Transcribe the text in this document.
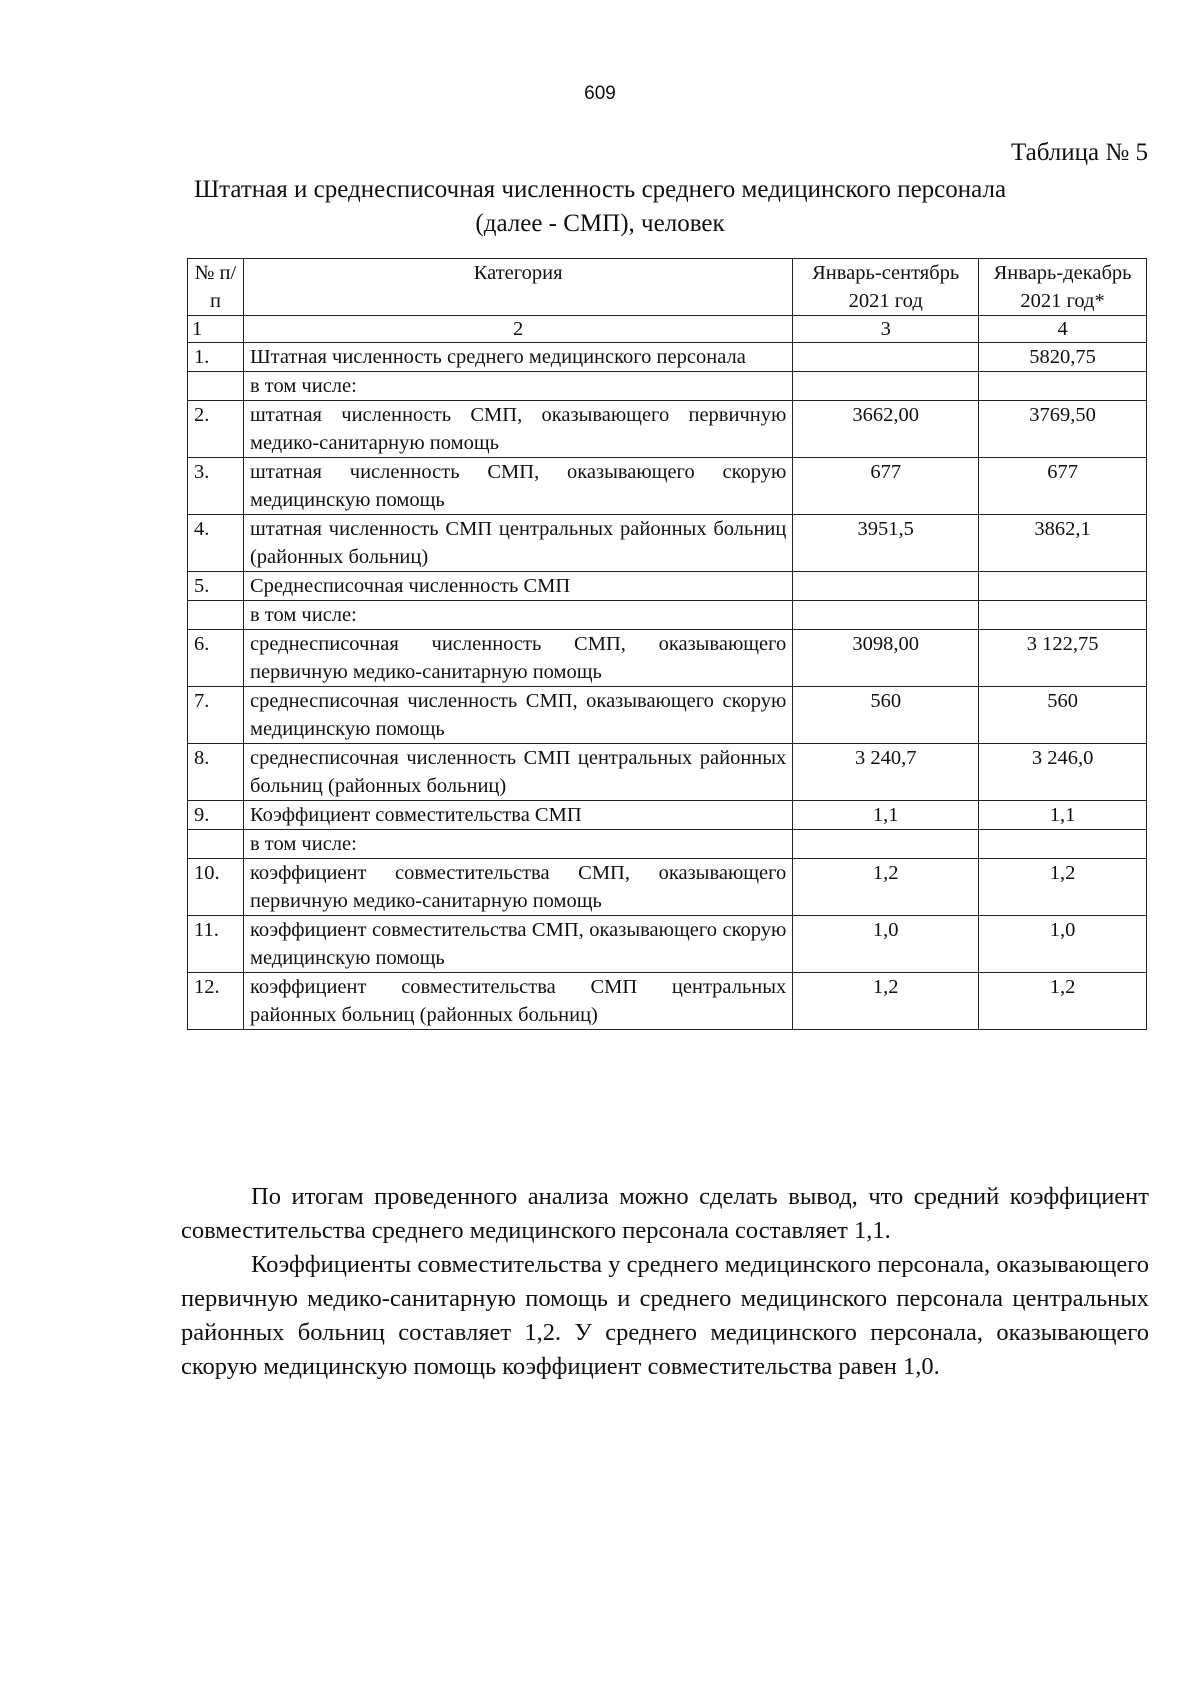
609
Таблица № 5
Штатная и среднесписочная численность среднего медицинского персонала
(далее - СМП), человек
№ п/п	Категория	Январь-сентябрь 2021 год	Январь-декабрь 2021 год*
1	2	3	4
1.	Штатная численность среднего медицинского персонала		5820,75
	в том числе:		
2.	штатная численность СМП, оказывающего первичную медико-санитарную помощь	3662,00	3769,50
3.	штатная численность СМП, оказывающего скорую медицинскую помощь	677	677
4.	штатная численность СМП центральных районных больниц (районных больниц)	3951,5	3862,1
5.	Среднесписочная численность СМП		
	в том числе:		
6.	среднесписочная численность СМП, оказывающего первичную медико-санитарную помощь	3098,00	3 122,75
7.	среднесписочная численность СМП, оказывающего скорую медицинскую помощь	560	560
8.	среднесписочная численность СМП центральных районных больниц (районных больниц)	3 240,7	3 246,0
9.	Коэффициент совместительства СМП	1,1	1,1
	в том числе:		
10.	коэффициент совместительства СМП, оказывающего первичную медико-санитарную помощь	1,2	1,2
11.	коэффициент совместительства СМП, оказывающего скорую медицинскую помощь	1,0	1,0
12.	коэффициент совместительства СМП центральных районных больниц (районных больниц)	1,2	1,2

По итогам проведенного анализа можно сделать вывод, что средний коэффициент совместительства среднего медицинского персонала составляет 1,1.

Коэффициенты совместительства у среднего медицинского персонала, оказывающего первичную медико-санитарную помощь и среднего медицинского персонала центральных районных больниц составляет 1,2. У среднего медицинского персонала, оказывающего скорую медицинскую помощь коэффициент совместительства равен 1,0.
